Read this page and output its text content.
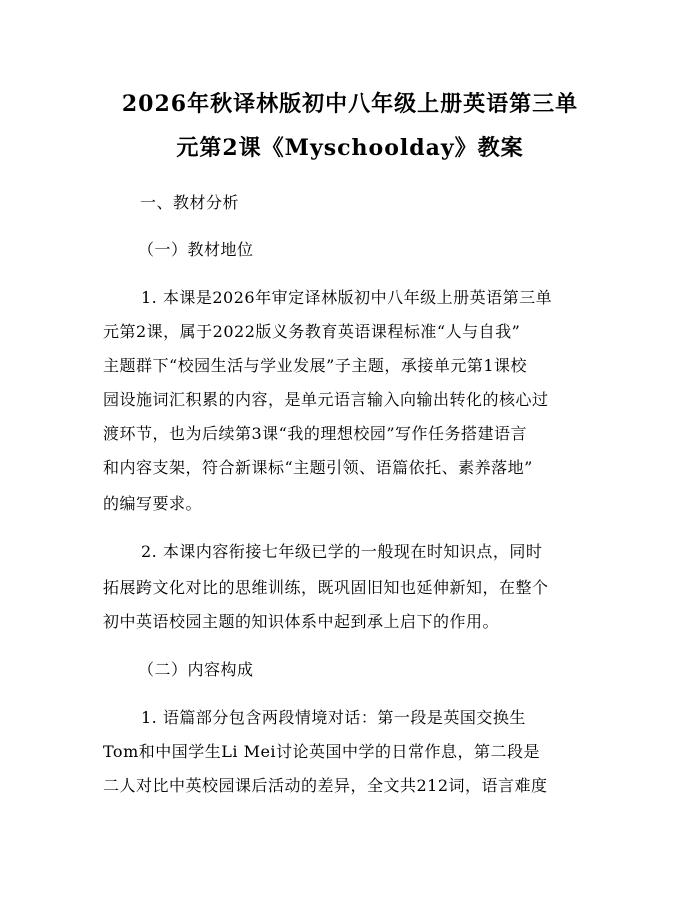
2026年秋译林版初中八年级上册英语第三单
元第2课《Myschoolday》教案
一、教材分析
（一）教材地位
1. 本课是2026年审定译林版初中八年级上册英语第三单
元第2课，属于2022版义务教育英语课程标准“人与自我”
主题群下“校园生活与学业发展”子主题，承接单元第1课校
园设施词汇积累的内容，是单元语言输入向输出转化的核心过
渡环节，也为后续第3课“我的理想校园”写作任务搭建语言
和内容支架，符合新课标“主题引领、语篇依托、素养落地”
的编写要求。
2. 本课内容衔接七年级已学的一般现在时知识点，同时
拓展跨文化对比的思维训练，既巩固旧知也延伸新知，在整个
初中英语校园主题的知识体系中起到承上启下的作用。
（二）内容构成
1. 语篇部分包含两段情境对话：第一段是英国交换生
Tom和中国学生Li Mei讨论英国中学的日常作息，第二段是
二人对比中英校园课后活动的差异，全文共212词，语言难度
